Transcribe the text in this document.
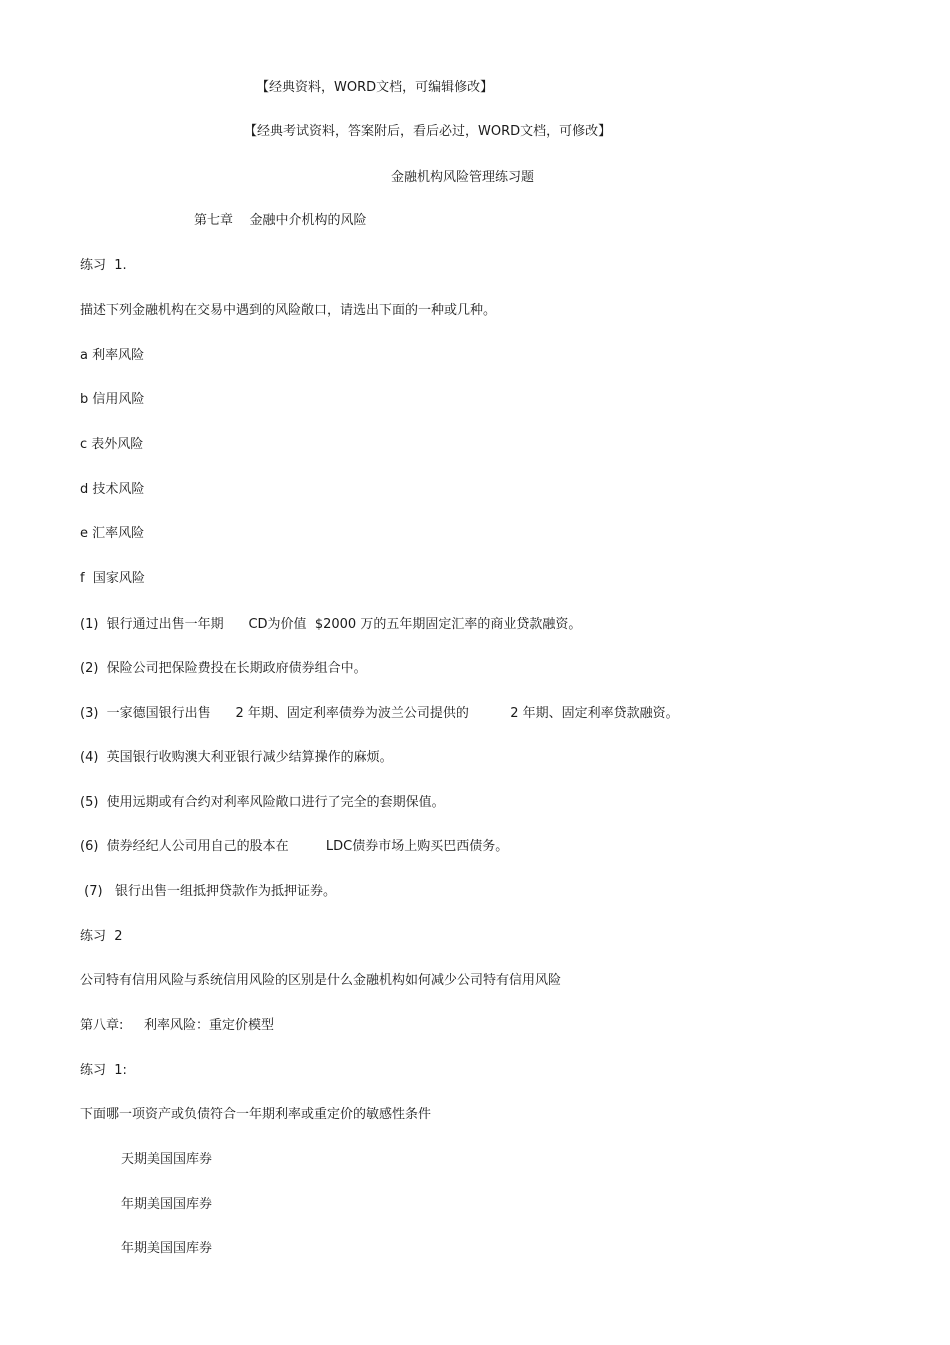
【经典资料，WORD文档，可编辑修改】
【经典考试资料，答案附后，看后必过，WORD文档，可修改】
金融机构风险管理练习题
第七章    金融中介机构的风险
练习  1.
描述下列金融机构在交易中遇到的风险敞口，请选出下面的一种或几种。
a 利率风险
b 信用风险
c 表外风险
d 技术风险
e 汇率风险
f  国家风险
(1)  银行通过出售一年期      CD为价值  $2000 万的五年期固定汇率的商业贷款融资。
(2)  保险公司把保险费投在长期政府债券组合中。
(3)  一家德国银行出售      2 年期、固定利率债券为波兰公司提供的          2 年期、固定利率贷款融资。
(4)  英国银行收购澳大利亚银行减少结算操作的麻烦。
(5)  使用远期或有合约对利率风险敞口进行了完全的套期保值。
(6)  债券经纪人公司用自己的股本在         LDC债券市场上购买巴西债务。
(7)   银行出售一组抵押贷款作为抵押证券。
练习  2
公司特有信用风险与系统信用风险的区别是什么金融机构如何减少公司特有信用风险
第八章:     利率风险：重定价模型
练习  1:
下面哪一项资产或负债符合一年期利率或重定价的敏感性条件
天期美国国库券
年期美国国库券
年期美国国库券
